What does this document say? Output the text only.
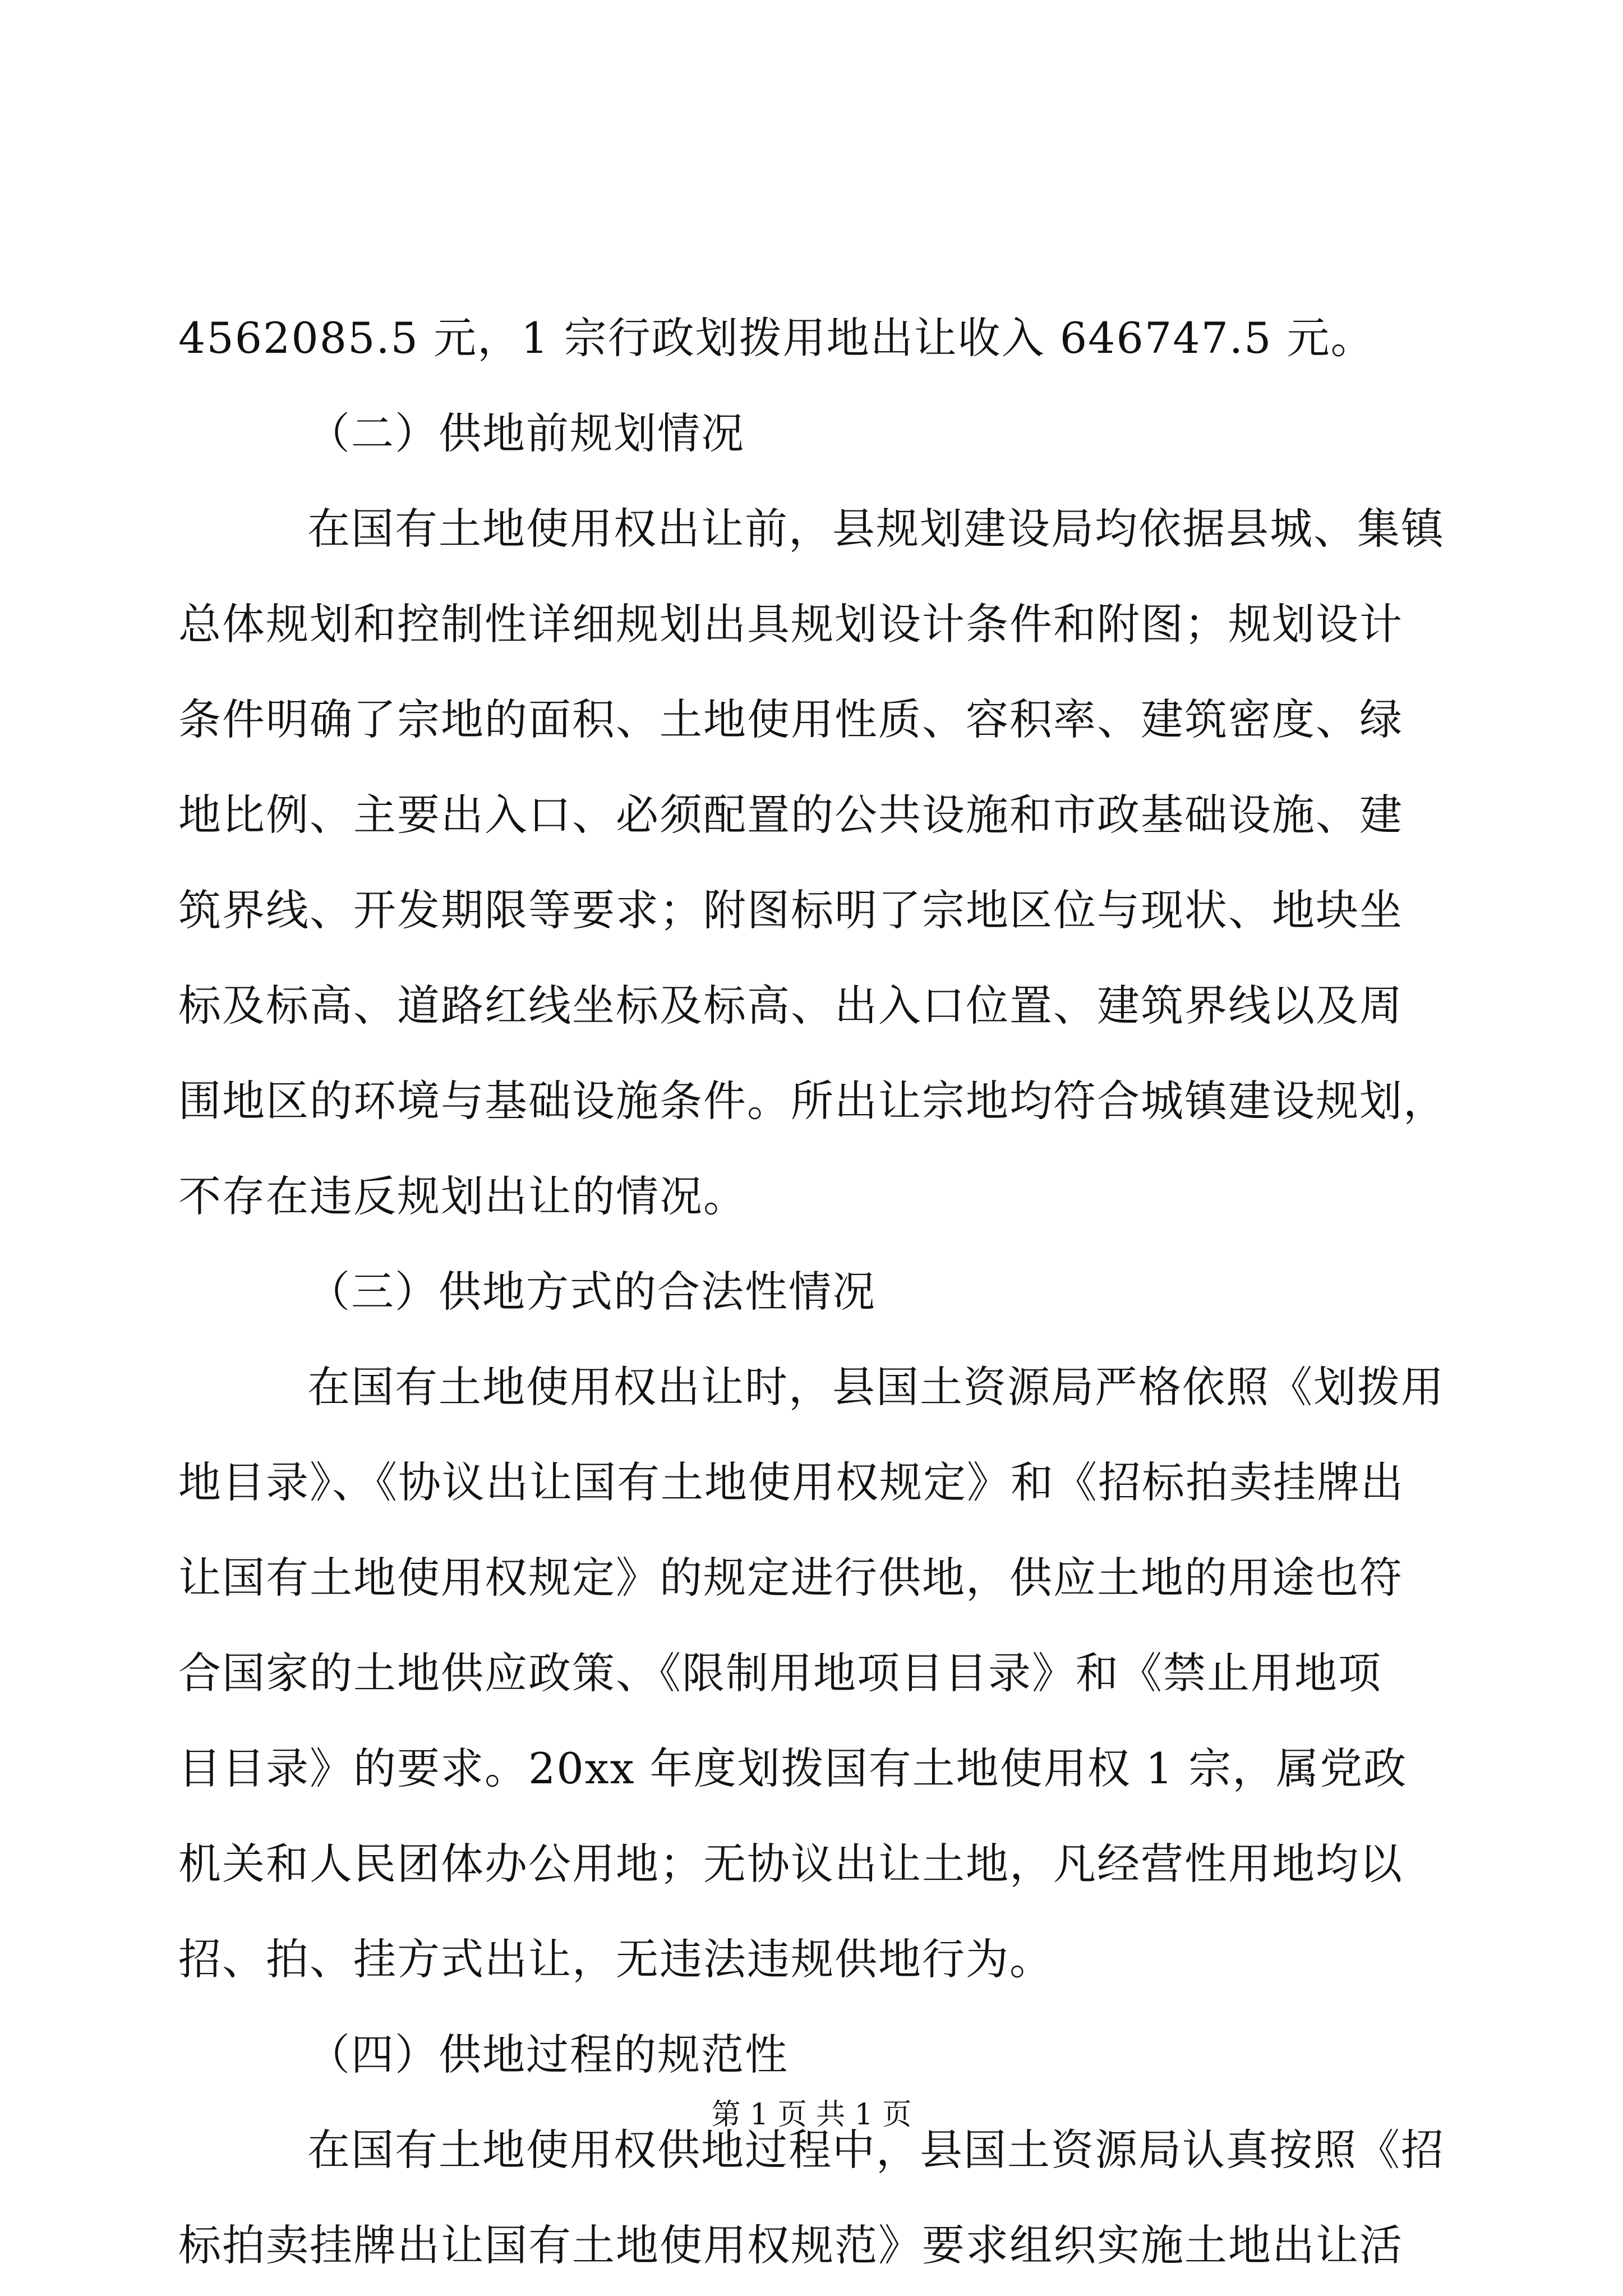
4562085.5 元，1 宗行政划拨用地出让收入 646747.5 元。
（二）供地前规划情况
在国有土地使用权出让前，县规划建设局均依据县城、集镇
总体规划和控制性详细规划出具规划设计条件和附图；规划设计
条件明确了宗地的面积、土地使用性质、容积率、建筑密度、绿
地比例、主要出入口、必须配置的公共设施和市政基础设施、建
筑界线、开发期限等要求；附图标明了宗地区位与现状、地块坐
标及标高、道路红线坐标及标高、出入口位置、建筑界线以及周
围地区的环境与基础设施条件。所出让宗地均符合城镇建设规划，
不存在违反规划出让的情况。
（三）供地方式的合法性情况
在国有土地使用权出让时，县国土资源局严格依照《划拨用
地目录》、《协议出让国有土地使用权规定》和《招标拍卖挂牌出
让国有土地使用权规定》的规定进行供地，供应土地的用途也符
合国家的土地供应政策、《限制用地项目目录》和《禁止用地项
目目录》的要求。20xx 年度划拨国有土地使用权 1 宗，属党政
机关和人民团体办公用地；无协议出让土地，凡经营性用地均以
招、拍、挂方式出让，无违法违规供地行为。
（四）供地过程的规范性
在国有土地使用权供地过程中，县国土资源局认真按照《招
标拍卖挂牌出让国有土地使用权规范》要求组织实施土地出让活
第 1 页 共 1 页
